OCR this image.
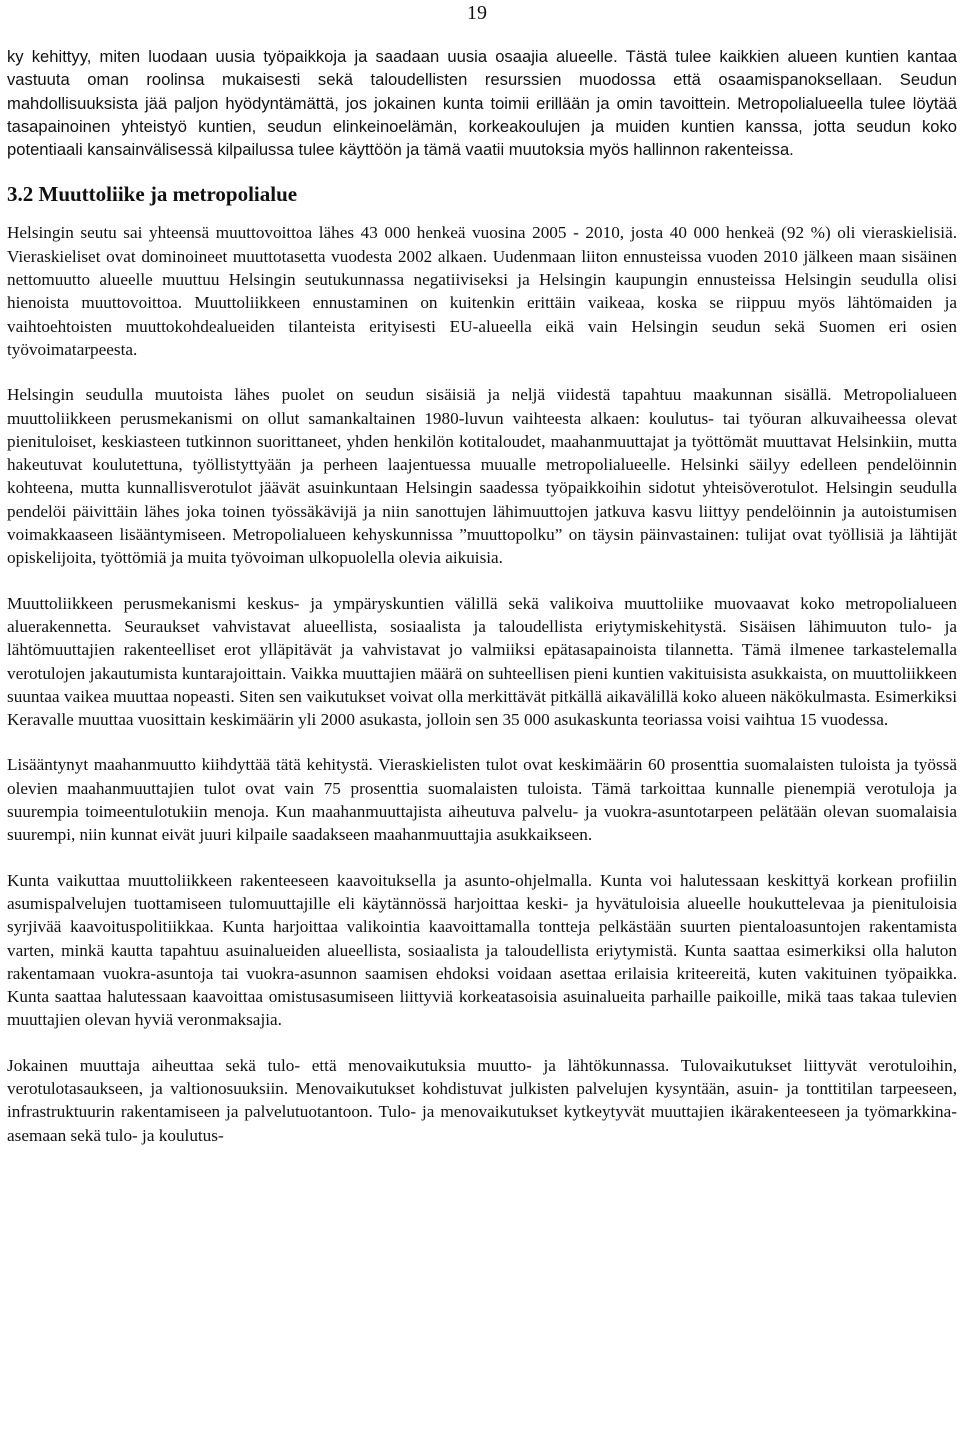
19

ky kehittyy, miten luodaan uusia työpaikkoja ja saadaan uusia osaajia alueelle. Tästä tulee kaikkien alueen kuntien kantaa vastuuta oman roolinsa mukaisesti sekä taloudellisten resurssien muodossa että osaamispanoksellaan. Seudun mahdollisuuksista jää paljon hyödyntämättä, jos jokainen kunta toimii erillään ja omin tavoittein. Metropolialueella tulee löytää tasapainoinen yhteistyö kuntien, seudun elinkeinoelämän, korkeakoulujen ja muiden kuntien kanssa, jotta seudun koko potentiaali kansainvälisessä kilpailussa tulee käyttöön ja tämä vaatii muutoksia myös hallinnon rakenteissa.

3.2 Muuttoliike ja metropolialue

Helsingin seutu sai yhteensä muuttovoittoa lähes 43 000 henkeä vuosina 2005 - 2010, josta 40 000 henkeä (92 %) oli vieraskielisiä. Vieraskieliset ovat dominoineet muuttotasetta vuodesta 2002 alkaen. Uudenmaan liiton ennusteissa vuoden 2010 jälkeen maan sisäinen nettomuutto alueelle muuttuu Helsingin seutukunnassa negatiiviseksi ja Helsingin kaupungin ennusteissa Helsingin seudulla olisi hienoista muuttovoittoa. Muuttoliikkeen ennustaminen on kuitenkin erittäin vaikeaa, koska se riippuu myös lähtömaiden ja vaihtoehtoisten muuttokohdealueiden tilanteista erityisesti EU-alueella eikä vain Helsingin seudun sekä Suomen eri osien työvoimatarpeesta.

Helsingin seudulla muutoista lähes puolet on seudun sisäisiä ja neljä viidestä tapahtuu maakunnan sisällä. Metropolialueen muuttoliikkeen perusmekanismi on ollut samankaltainen 1980-luvun vaihteesta alkaen: koulutus- tai työuran alkuvaiheessa olevat pienituloiset, keskiasteen tutkinnon suorittaneet, yhden henkilön kotitaloudet, maahanmuuttajat ja työttömät muuttavat Helsinkiin, mutta hakeutuvat koulutettuna, työllistyttyään ja perheen laajentuessa muualle metropolialueelle. Helsinki säilyy edelleen pendelöinnin kohteena, mutta kunnallisverotulot jäävät asuinkuntaan Helsingin saadessa työpaikkoihin sidotut yhteisöverotulot. Helsingin seudulla pendelöi päivittäin lähes joka toinen työssäkävijä ja niin sanottujen lähimuuttojen jatkuva kasvu liittyy pendelöinnin ja autoistumisen voimakkaaseen lisääntymiseen. Metropolialueen kehyskunnissa ”muuttopolku” on täysin päinvastainen: tulijat ovat työllisiä ja lähtijät opiskelijoita, työttömiä ja muita työvoiman ulkopuolella olevia aikuisia.

Muuttoliikkeen perusmekanismi keskus- ja ympäryskuntien välillä sekä valikoiva muuttoliike muovaavat koko metropolialueen aluerakennetta. Seuraukset vahvistavat alueellista, sosiaalista ja taloudellista eriytymiskehitystä. Sisäisen lähimuuton tulo- ja lähtömuuttajien rakenteelliset erot ylläpitävät ja vahvistavat jo valmiiksi epätasapainoista tilannetta. Tämä ilmenee tarkastelemalla verotulojen jakautumista kuntarajoittain. Vaikka muuttajien määrä on suhteellisen pieni kuntien vakituisista asukkaista, on muuttoliikkeen suuntaa vaikea muuttaa nopeasti. Siten sen vaikutukset voivat olla merkittävät pitkällä aikavälillä koko alueen näkökulmasta. Esimerkiksi Keravalle muuttaa vuosittain keskimäärin yli 2000 asukasta, jolloin sen 35 000 asukaskunta teoriassa voisi vaihtua 15 vuodessa.

Lisääntynyt maahanmuutto kiihdyttää tätä kehitystä. Vieraskielisten tulot ovat keskimäärin 60 prosenttia suomalaisten tuloista ja työssä olevien maahanmuuttajien tulot ovat vain 75 prosenttia suomalaisten tuloista. Tämä tarkoittaa kunnalle pienempiä verotuloja ja suurempia toimeentulotukiin menoja. Kun maahanmuuttajista aiheutuva palvelu- ja vuokra-asuntotarpeen pelätään olevan suomalaisia suurempi, niin kunnat eivät juuri kilpaile saadakseen maahanmuuttajia asukkaikseen.

Kunta vaikuttaa muuttoliikkeen rakenteeseen kaavoituksella ja asunto-ohjelmalla. Kunta voi halutessaan keskittyä korkean profiilin asumispalvelujen tuottamiseen tulomuuttajille eli käytännössä harjoittaa keski- ja hyvätuloisia alueelle houkuttelevaa ja pienituloisia syrjivää kaavoituspolitiikkaa. Kunta harjoittaa valikointia kaavoittamalla tontteja pelkästään suurten pientaloasuntojen rakentamista varten, minkä kautta tapahtuu asuinalueiden alueellista, sosiaalista ja taloudellista eriytymistä. Kunta saattaa esimerkiksi olla haluton rakentamaan vuokra-asuntoja tai vuokra-asunnon saamisen ehdoksi voidaan asettaa erilaisia kriteereitä, kuten vakituinen työpaikka. Kunta saattaa halutessaan kaavoittaa omistusasumiseen liittyviä korkeatasoisia asuinalueita parhaille paikoille, mikä taas takaa tulevien muuttajien olevan hyviä veronmaksajia.

Jokainen muuttaja aiheuttaa sekä tulo- että menovaikutuksia muutto- ja lähtökunnassa. Tulovaikutukset liittyvät verotuloihin, verotulotasaukseen, ja valtionosuuksiin. Menovaikutukset kohdistuvat julkisten palvelujen kysyntään, asuin- ja tonttitilan tarpeeseen, infrastruktuurin rakentamiseen ja palvelutuotantoon. Tulo- ja menovaikutukset kytkeytyvät muuttajien ikärakenteeseen ja työmarkkina-asemaan sekä tulo- ja koulutus-
